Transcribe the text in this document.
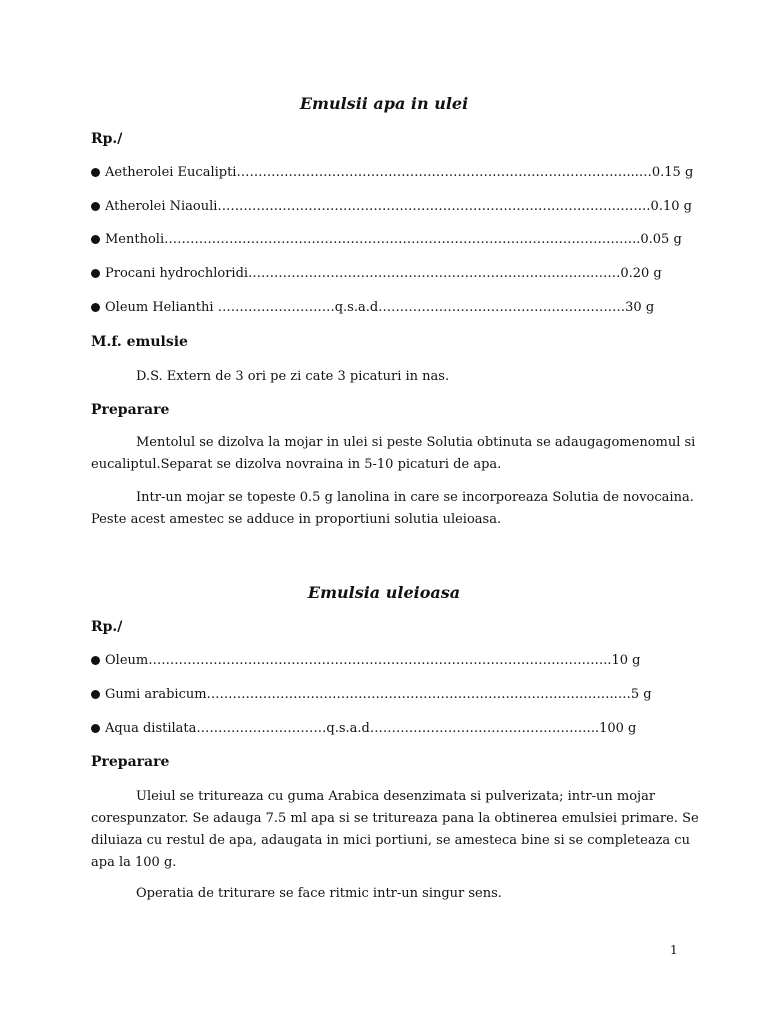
Emulsii apa in ulei
Rp./
Aetherolei Eucalipti………………………………………………………………………………...…0.15 g
Atherolei Niaouli……………………………………………………………………………………….0.10 g
Mentholi………………………………………………………………………………………………..0.05 g
Procani hydrochloridi……………………………………………………………………..……0.20 g
Oleum Helianthi ………………………q.s.a.d…………………………………………………30 g
M.f. emulsie
D.S. Extern de 3 ori pe zi cate 3 picaturi in nas.
Preparare
Mentolul se dizolva la mojar in ulei si peste Solutia obtinuta se adaugagomenomul si
eucaliptul.Separat se dizolva novraina in 5-10 picaturi de apa.
Intr-un mojar se topeste 0.5 g lanolina in care se incorporeaza Solutia de novocaina.
Peste acest amestec se adduce in proportiuni solutia uleioasa.
Emulsia uleioasa
Rp./
Oleum……………………………………………………………………………………………..10 g
Gumi arabicum…………………………………………………………………………………..…5 g
Aqua distilata…………………………q.s.a.d……………………………………………..100 g
Preparare
Uleiul se tritureaza cu guma Arabica desenzimata si pulverizata; intr-un mojar
corespunzator. Se adauga 7.5 ml apa si se tritureaza pana la obtinerea emulsiei primare. Se
diluiaza cu restul de apa, adaugata in mici portiuni, se amesteca bine si se completeaza cu
apa la 100 g.
Operatia de triturare se face ritmic intr-un singur sens.
1
